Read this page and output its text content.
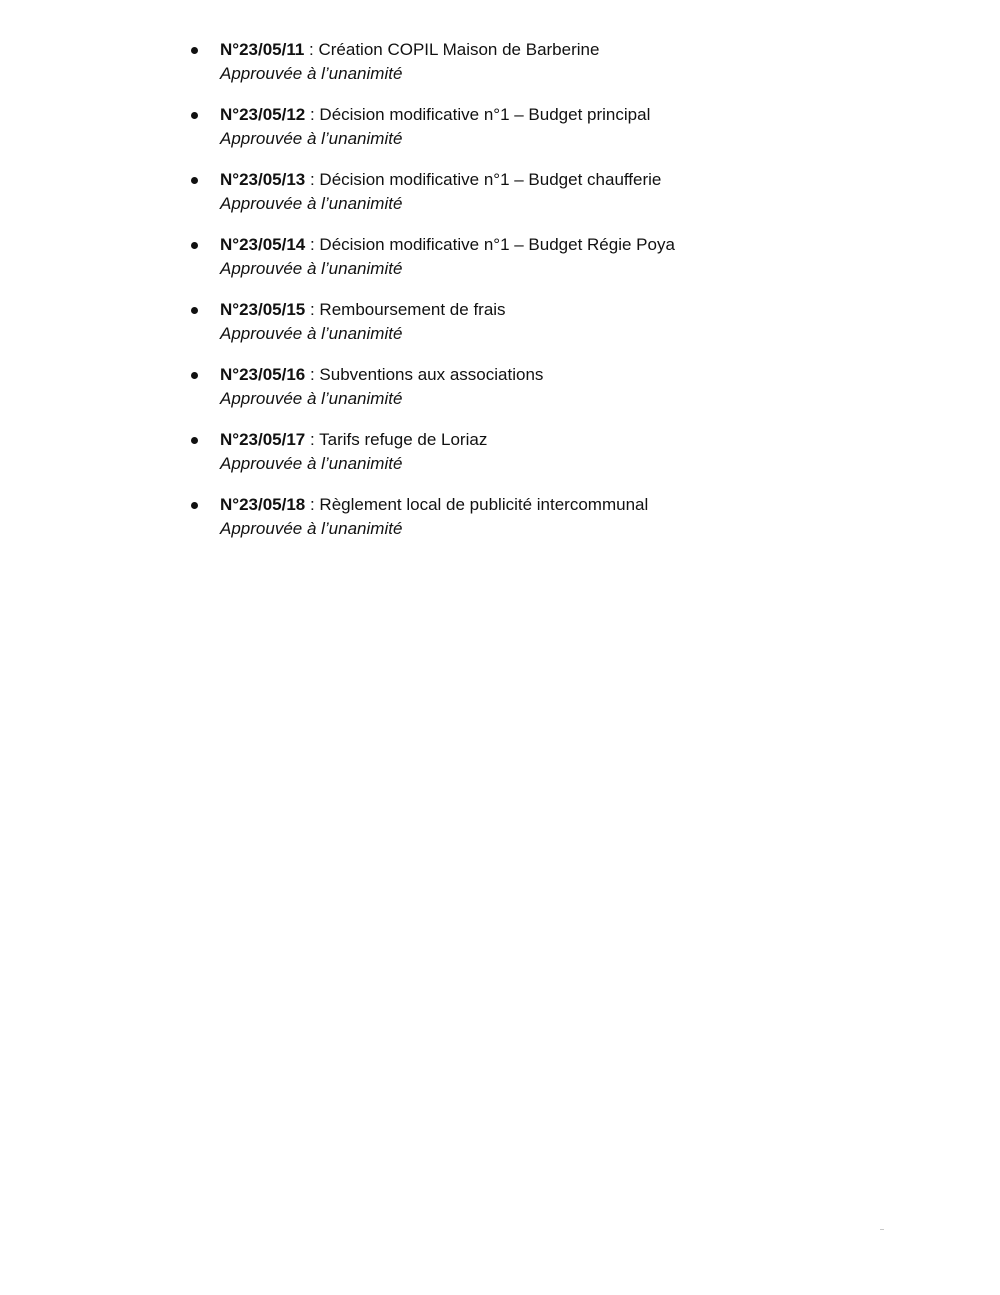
N°23/05/11 : Création COPIL Maison de Barberine
Approuvée à l’unanimité
N°23/05/12 : Décision modificative n°1 – Budget principal
Approuvée à l’unanimité
N°23/05/13 : Décision modificative n°1 – Budget chaufferie
Approuvée à l’unanimité
N°23/05/14 : Décision modificative n°1 – Budget Régie Poya
Approuvée à l’unanimité
N°23/05/15 : Remboursement de frais
Approuvée à l’unanimité
N°23/05/16 : Subventions aux associations
Approuvée à l’unanimité
N°23/05/17 : Tarifs refuge de Loriaz
Approuvée à l’unanimité
N°23/05/18 : Règlement local de publicité intercommunal
Approuvée à l’unanimité
